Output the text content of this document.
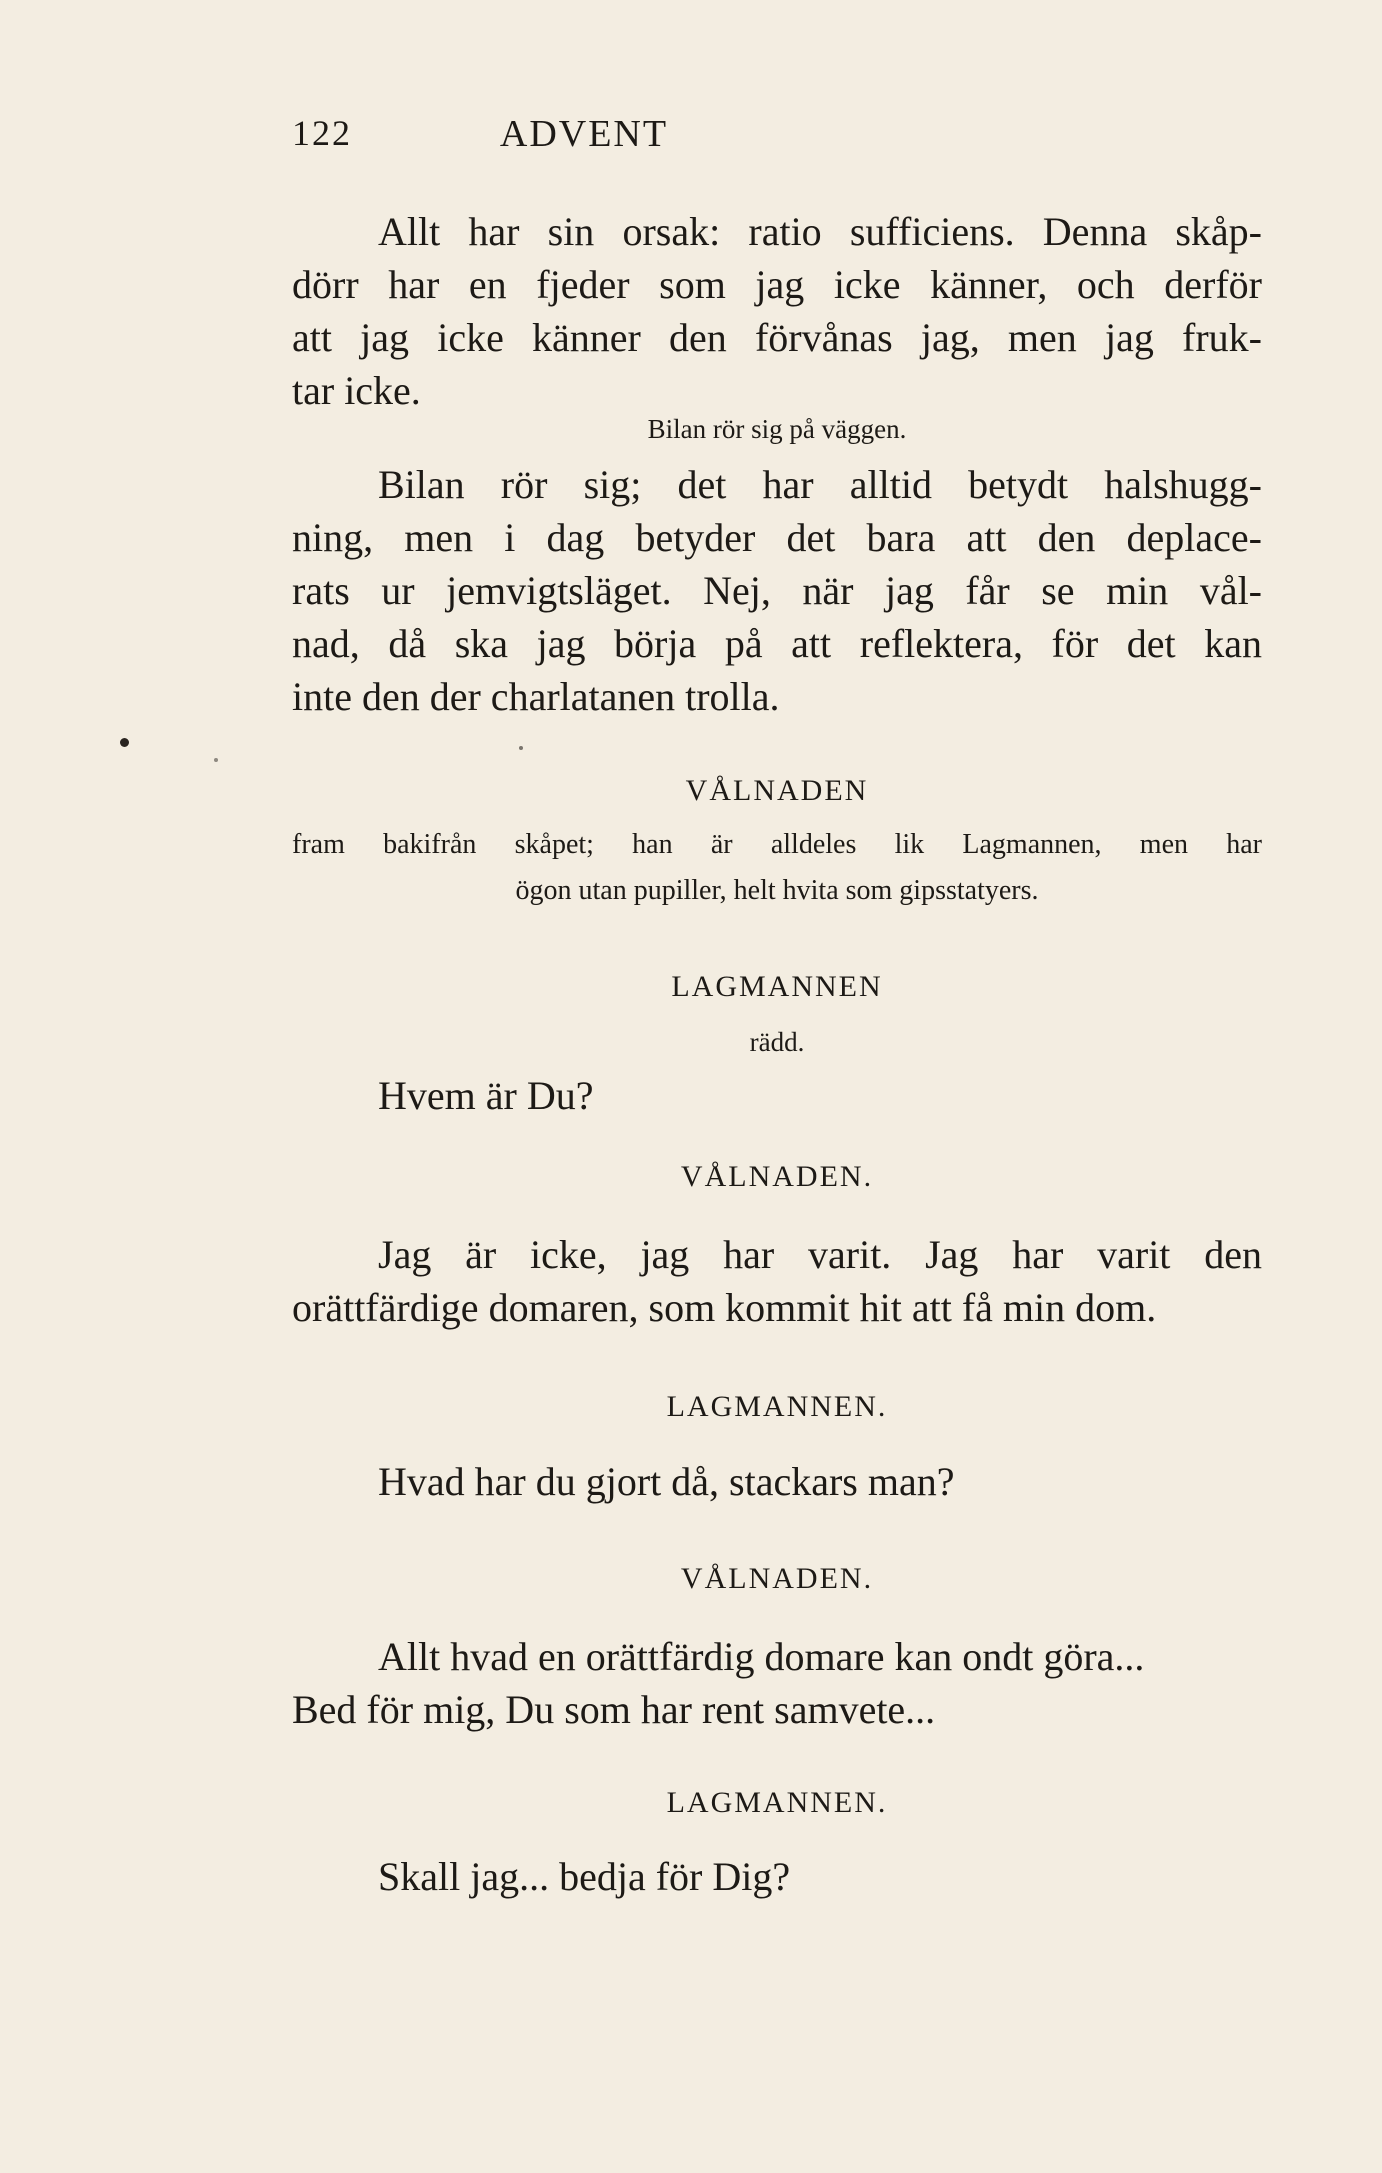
122	ADVENT
Allt har sin orsak: ratio sufficiens. Denna skåp-
dörr har en fjeder som jag icke känner, och derför
att jag icke känner den förvånas jag, men jag fruk-
tar icke.
Bilan rör sig på väggen.
Bilan rör sig; det har alltid betydt halshugg-
ning, men i dag betyder det bara att den deplace-
rats ur jemvigtsläget. Nej, när jag får se min vål-
nad, då ska jag börja på att reflektera, för det kan
inte den der charlatanen trolla.
VÅLNADEN
fram bakifrån skåpet; han är alldeles lik Lagmannen, men har
ögon utan pupiller, helt hvita som gipsstatyers.
LAGMANNEN
rädd.
Hvem är Du?
VÅLNADEN.
Jag är icke, jag har varit. Jag har varit den
orättfärdige domaren, som kommit hit att få min dom.
LAGMANNEN.
Hvad har du gjort då, stackars man?
VÅLNADEN.
Allt hvad en orättfärdig domare kan ondt göra...
Bed för mig, Du som har rent samvete...
LAGMANNEN.
Skall jag... bedja för Dig?
